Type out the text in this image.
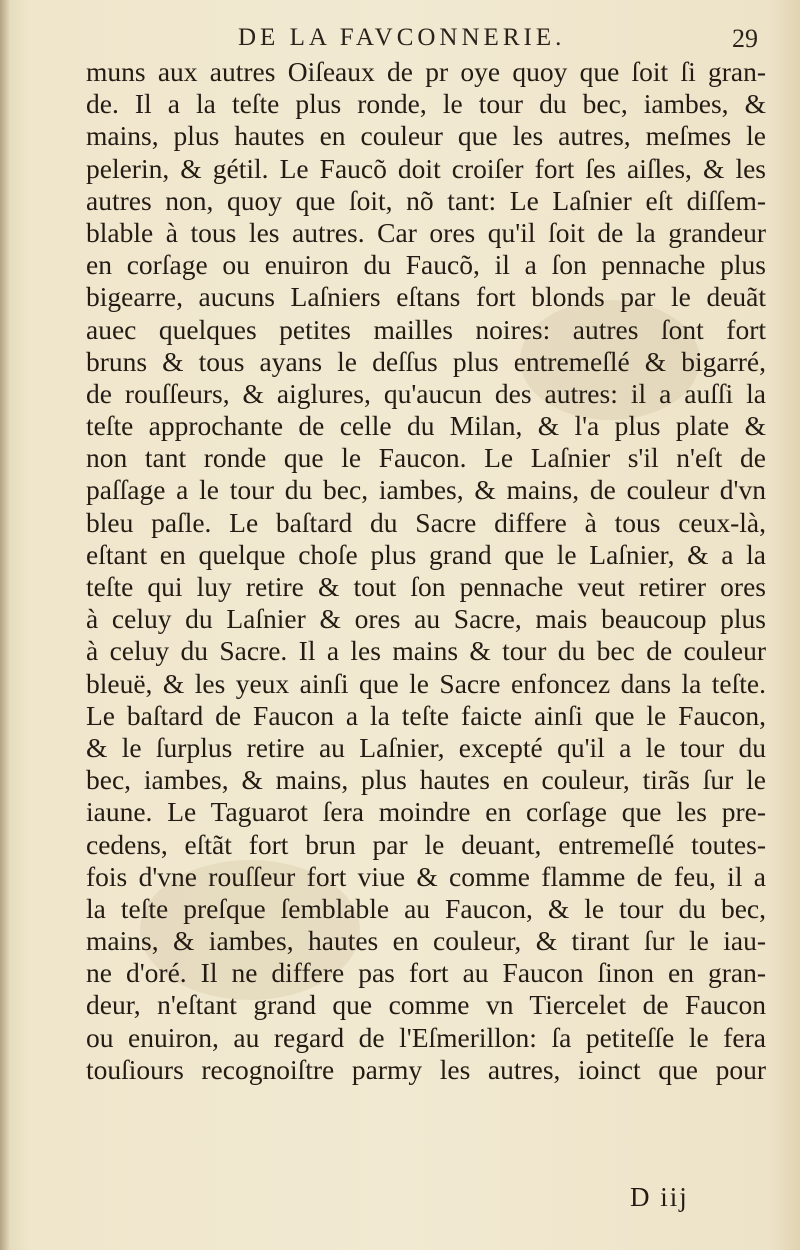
DE LA FAVCONNERIE.	29
muns aux autres Oiſeaux de pr oye quoy que ſoit ſi gran-
de. Il a la teſte plus ronde, le tour du bec, iambes, &
mains, plus hautes en couleur que les autres, meſmes le
pelerin, & gétil. Le Faucõ doit croiſer fort ſes aiſles, & les
autres non, quoy que ſoit, nõ tant: Le Laſnier eſt diſſem-
blable à tous les autres. Car ores qu'il ſoit de la grandeur
en corſage ou enuiron du Faucõ, il a ſon pennache plus
bigearre, aucuns Laſniers eſtans fort blonds par le deuãt
auec quelques petites mailles noires: autres ſont fort
bruns & tous ayans le deſſus plus entremeſlé & bigarré,
de rouſſeurs, & aiglures, qu'aucun des autres: il a auſſi la
teſte approchante de celle du Milan, & l'a plus plate &
non tant ronde que le Faucon. Le Laſnier s'il n'eſt de
paſſage a le tour du bec, iambes, & mains, de couleur d'vn
bleu paſle. Le baſtard du Sacre differe à tous ceux-là,
eſtant en quelque choſe plus grand que le Laſnier, & a la
teſte qui luy retire & tout ſon pennache veut retirer ores
à celuy du Laſnier & ores au Sacre, mais beaucoup plus
à celuy du Sacre. Il a les mains & tour du bec de couleur
bleuë, & les yeux ainſi que le Sacre enfoncez dans la teſte.
Le baſtard de Faucon a la teſte faicte ainſi que le Faucon,
& le ſurplus retire au Laſnier, excepté qu'il a le tour du
bec, iambes, & mains, plus hautes en couleur, tirãs ſur le
iaune. Le Taguarot ſera moindre en corſage que les pre-
cedens, eſtãt fort brun par le deuant, entremeſlé toutes-
fois d'vne rouſſeur fort viue & comme flamme de feu, il a
la teſte preſque ſemblable au Faucon, & le tour du bec,
mains, & iambes, hautes en couleur, & tirant ſur le iau-
ne d'oré. Il ne differe pas fort au Faucon ſinon en gran-
deur, n'eſtant grand que comme vn Tiercelet de Faucon
ou enuiron, au regard de l'Eſmerillon: ſa petiteſſe le fera
touſiours recognoiſtre parmy les autres, ioinct que pour
D iij
